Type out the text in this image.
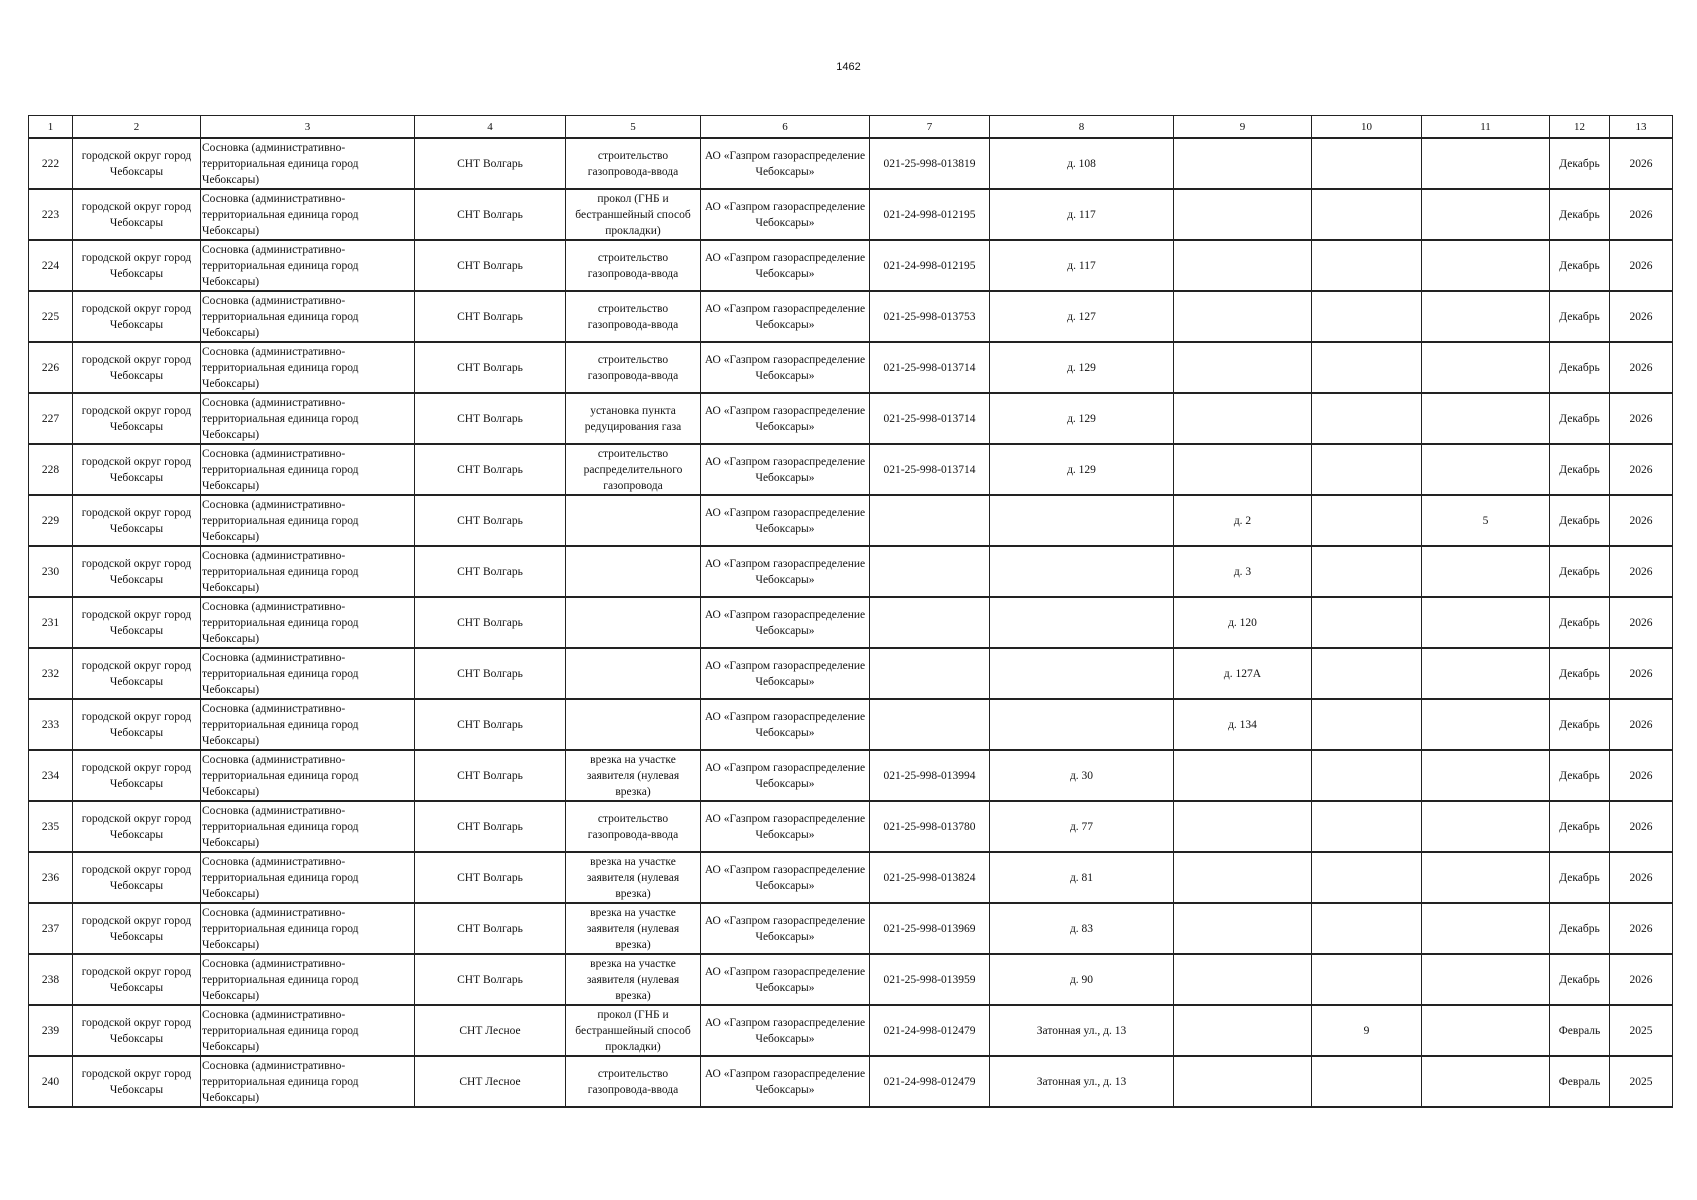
1462
1	2	3	4	5	6	7	8	9	10	11	12	13
222	городской округ город Чебоксары	Сосновка (административно-территориальная единица город Чебоксары)	СНТ Волгарь	строительство газопровода-ввода	АО «Газпром газораспределение Чебоксары»	021-25-998-013819	д. 108				Декабрь	2026
223	городской округ город Чебоксары	Сосновка (административно-территориальная единица город Чебоксары)	СНТ Волгарь	прокол (ГНБ и бестраншейный способ прокладки)	АО «Газпром газораспределение Чебоксары»	021-24-998-012195	д. 117				Декабрь	2026
224	городской округ город Чебоксары	Сосновка (административно-территориальная единица город Чебоксары)	СНТ Волгарь	строительство газопровода-ввода	АО «Газпром газораспределение Чебоксары»	021-24-998-012195	д. 117				Декабрь	2026
225	городской округ город Чебоксары	Сосновка (административно-территориальная единица город Чебоксары)	СНТ Волгарь	строительство газопровода-ввода	АО «Газпром газораспределение Чебоксары»	021-25-998-013753	д. 127				Декабрь	2026
226	городской округ город Чебоксары	Сосновка (административно-территориальная единица город Чебоксары)	СНТ Волгарь	строительство газопровода-ввода	АО «Газпром газораспределение Чебоксары»	021-25-998-013714	д. 129				Декабрь	2026
227	городской округ город Чебоксары	Сосновка (административно-территориальная единица город Чебоксары)	СНТ Волгарь	установка пункта редуцирования газа	АО «Газпром газораспределение Чебоксары»	021-25-998-013714	д. 129				Декабрь	2026
228	городской округ город Чебоксары	Сосновка (административно-территориальная единица город Чебоксары)	СНТ Волгарь	строительство распределительного газопровода	АО «Газпром газораспределение Чебоксары»	021-25-998-013714	д. 129				Декабрь	2026
229	городской округ город Чебоксары	Сосновка (административно-территориальная единица город Чебоксары)	СНТ Волгарь		АО «Газпром газораспределение Чебоксары»			д. 2		5	Декабрь	2026
230	городской округ город Чебоксары	Сосновка (административно-территориальная единица город Чебоксары)	СНТ Волгарь		АО «Газпром газораспределение Чебоксары»			д. 3			Декабрь	2026
231	городской округ город Чебоксары	Сосновка (административно-территориальная единица город Чебоксары)	СНТ Волгарь		АО «Газпром газораспределение Чебоксары»			д. 120			Декабрь	2026
232	городской округ город Чебоксары	Сосновка (административно-территориальная единица город Чебоксары)	СНТ Волгарь		АО «Газпром газораспределение Чебоксары»			д. 127А			Декабрь	2026
233	городской округ город Чебоксары	Сосновка (административно-территориальная единица город Чебоксары)	СНТ Волгарь		АО «Газпром газораспределение Чебоксары»			д. 134			Декабрь	2026
234	городской округ город Чебоксары	Сосновка (административно-территориальная единица город Чебоксары)	СНТ Волгарь	врезка на участке заявителя (нулевая врезка)	АО «Газпром газораспределение Чебоксары»	021-25-998-013994	д. 30				Декабрь	2026
235	городской округ город Чебоксары	Сосновка (административно-территориальная единица город Чебоксары)	СНТ Волгарь	строительство газопровода-ввода	АО «Газпром газораспределение Чебоксары»	021-25-998-013780	д. 77				Декабрь	2026
236	городской округ город Чебоксары	Сосновка (административно-территориальная единица город Чебоксары)	СНТ Волгарь	врезка на участке заявителя (нулевая врезка)	АО «Газпром газораспределение Чебоксары»	021-25-998-013824	д. 81				Декабрь	2026
237	городской округ город Чебоксары	Сосновка (административно-территориальная единица город Чебоксары)	СНТ Волгарь	врезка на участке заявителя (нулевая врезка)	АО «Газпром газораспределение Чебоксары»	021-25-998-013969	д. 83				Декабрь	2026
238	городской округ город Чебоксары	Сосновка (административно-территориальная единица город Чебоксары)	СНТ Волгарь	врезка на участке заявителя (нулевая врезка)	АО «Газпром газораспределение Чебоксары»	021-25-998-013959	д. 90				Декабрь	2026
239	городской округ город Чебоксары	Сосновка (административно-территориальная единица город Чебоксары)	СНТ Лесное	прокол (ГНБ и бестраншейный способ прокладки)	АО «Газпром газораспределение Чебоксары»	021-24-998-012479	Затонная ул., д. 13		9		Февраль	2025
240	городской округ город Чебоксары	Сосновка (административно-территориальная единица город Чебоксары)	СНТ Лесное	строительство газопровода-ввода	АО «Газпром газораспределение Чебоксары»	021-24-998-012479	Затонная ул., д. 13				Февраль	2025
